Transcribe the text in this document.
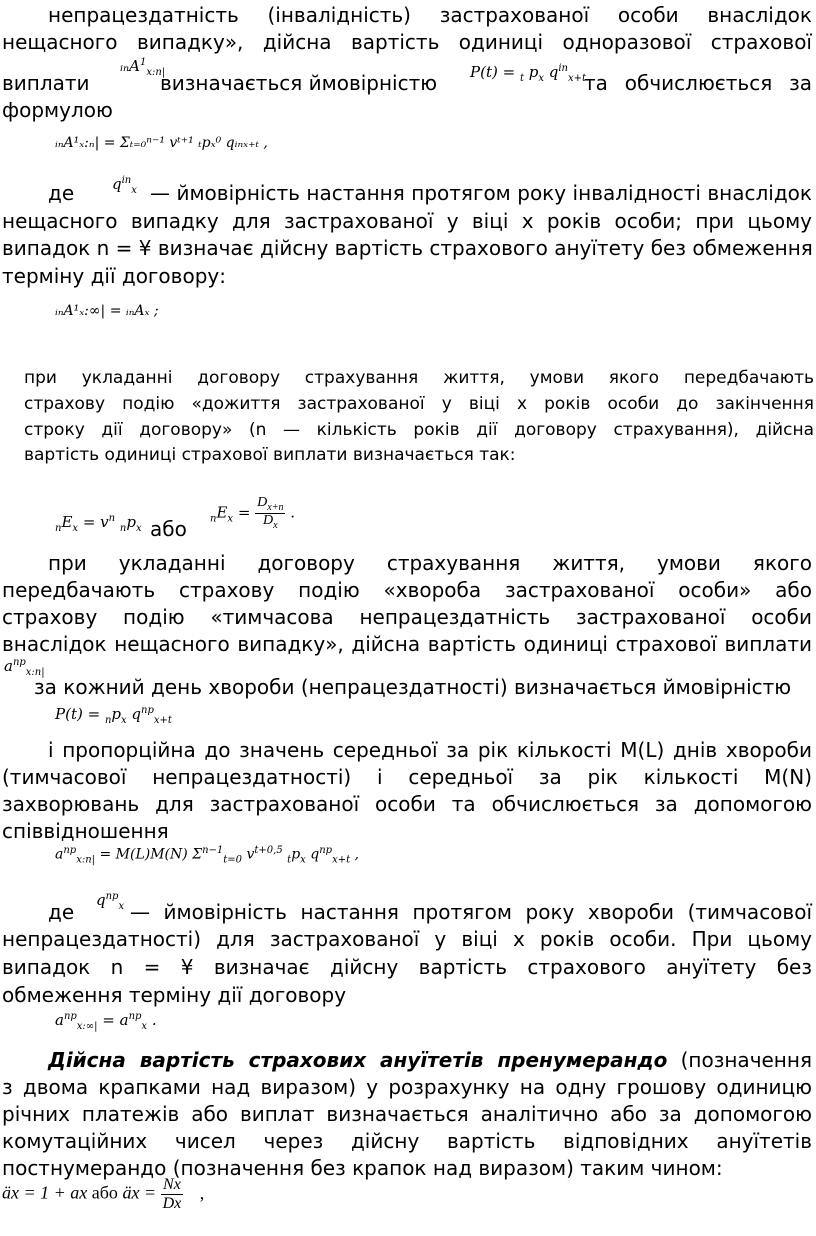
непрацездатність (інвалідність) застрахованої особи внаслідок
нещасного випадку», дійсна вартість одиниці одноразової страхової
виплати
ᵢₙA$^1_{x:n|}$
визначається ймовірністю	P(t) = $_t$ $p_x$ $q^{in}_{x+t}$
та обчислюється за
формулою
ᵢₙA¹ₓ:ₙ| = Σₜ₌₀ⁿ⁻¹ vᵗ⁺¹ ₜpₓ⁰ qᵢₙₓ₊ₜ ,
де	$q^{in}_x$ — ймовірність настання протягом року інвалідності внаслідок
нещасного випадку для застрахованої у віці x років особи; при цьому
випадок n = ¥ визначає дійсну вартість страхового ануїтету без обмеження
терміну дії договору:
ᵢₙA¹ₓ:∞| = ᵢₙAₓ ;
при укладанні договору страхування життя, умови якого передбачають
страхову подію «дожиття застрахованої у віці x років особи до закінчення
строку дії договору» (n — кількість років дії договору страхування), дійсна
вартість одиниці страхової виплати визначається так:
$_nE_x = v^n$ $_np_x$ або	$_nE_x = \frac{D_{x+n}}{D_x}$ .
при укладанні договору страхування життя, умови якого
передбачають страхову подію «хвороба застрахованої особи» або
страхову подію «тимчасова непрацездатність застрахованої особи
внаслідок нещасного випадку», дійсна вартість одиниці страхової виплати
$a^{np}_{x:n|}$
за кожний день хвороби (непрацездатності) визначається ймовірністю
$P(t) = _np_x$ $q^{np}_{x+t}$
і пропорційна до значень середньої за рік кількості M(L) днів хвороби
(тимчасової непрацездатності) і середньої за рік кількості M(N)
захворювань для застрахованої особи та обчислюється за допомогою
співвідношення
$a^{np}_{x:n|} = M(L)M(N)$ $\Sigma^{n-1}_{t=0}$ $v^{t+0,5}$ $_tp_x$ $q^{np}_{x+t}$ ,
де	$q^{np}_x$ — ймовірність настання протягом року хвороби (тимчасової
непрацездатності) для застрахованої у віці x років особи. При цьому
випадок n = ¥ визначає дійсну вартість страхового ануїтету без
обмеження терміну дії договору
$a^{np}_{x:\infty|} = a^{np}_x$ .
Дійсна вартість страхових ануїтетів пренумерандо (позначення
з двома крапками над виразом) у розрахунку на одну грошову одиницю
річних платежів або виплат визначається аналітично або за допомогою
комутаційних чисел через дійсну вартість відповідних ануїтетів
постнумерандо (позначення без крапок над виразом) таким чином:
äx = 1 + ax або äx = $\frac{Nx}{Dx}$ ,
